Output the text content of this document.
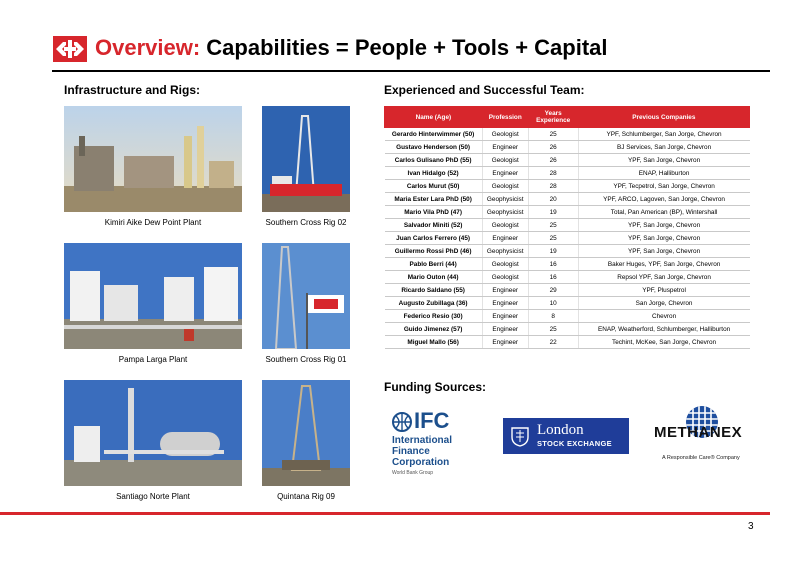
Overview: Capabilities = People + Tools + Capital
Infrastructure and Rigs:	Experienced and Successful Team:
Funding Sources:
Kimiri Aike Dew Point Plant	Southern Cross Rig 02
Pampa Larga Plant	Southern Cross Rig 01
Santiago Norte Plant	Quintana Rig 09
Name (Age)	Profession	Years Experience	Previous Companies
Gerardo Hinterwimmer (50)	Geologist	25	YPF, Schlumberger, San Jorge, Chevron
Gustavo Henderson (50)	Engineer	26	BJ Services, San Jorge, Chevron
Carlos Gulisano PhD (55)	Geologist	26	YPF, San Jorge, Chevron
Ivan Hidalgo (52)	Engineer	28	ENAP, Halliburton
Carlos Murut (50)	Geologist	28	YPF, Tecpetrol, San Jorge, Chevron
Maria Ester Lara PhD (50)	Geophysicist	20	YPF, ARCO, Lagoven, San Jorge, Chevron
Mario Vila PhD (47)	Geophysicist	19	Total, Pan American (BP), Wintershall
Salvador Miniti (52)	Geologist	25	YPF, San Jorge, Chevron
Juan Carlos Ferrero (45)	Engineer	25	YPF, San Jorge, Chevron
Guillermo Rossi PhD (46)	Geophysicist	19	YPF, San Jorge, Chevron
Pablo Berri (44)	Geologist	16	Baker Huges, YPF, San Jorge, Chevron
Mario Outon (44)	Geologist	16	Repsol YPF, San Jorge, Chevron
Ricardo Saldano (55)	Engineer	29	YPF, Pluspetrol
Augusto Zubillaga (36)	Engineer	10	San Jorge, Chevron
Federico Resio (30)	Engineer	8	Chevron
Guido Jimenez (57)	Engineer	25	ENAP, Weatherford, Schlumberger, Halliburton
Miguel Mallo (56)	Engineer	22	Techint, McKee, San Jorge, Chevron
IFC
International
Finance
Corporation
World Bank Group
London
STOCK EXCHANGE
METHANEX
A Responsible Care® Company
3
